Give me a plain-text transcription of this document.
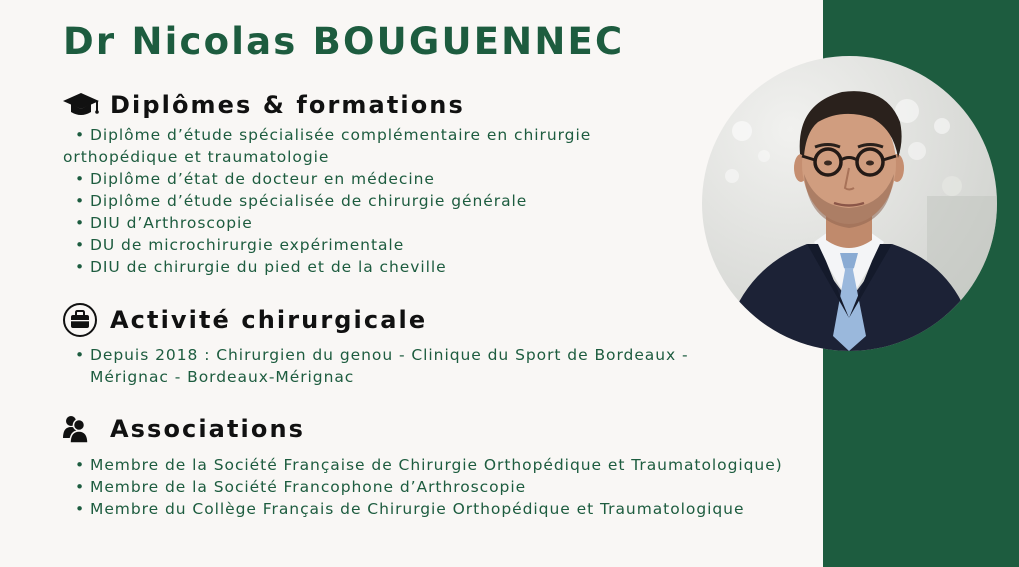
Dr Nicolas BOUGUENNEC
Diplômes & formations
• Diplôme d’étude spécialisée complémentaire en chirurgie orthopédique et traumatologie
• Diplôme d’état de docteur en médecine
• Diplôme d’étude spécialisée de chirurgie générale
• DIU d’Arthroscopie
• DU de microchirurgie expérimentale
• DIU de chirurgie du pied et de la cheville
Activité chirurgicale
• Depuis 2018 : Chirurgien du genou - Clinique du Sport de Bordeaux - Mérignac - Bordeaux-Mérignac
Associations
• Membre de la Société Française de Chirurgie Orthopédique et Traumatologique)
• Membre de la Société Francophone d’Arthroscopie
• Membre du Collège Français de Chirurgie Orthopédique et Traumatologique
